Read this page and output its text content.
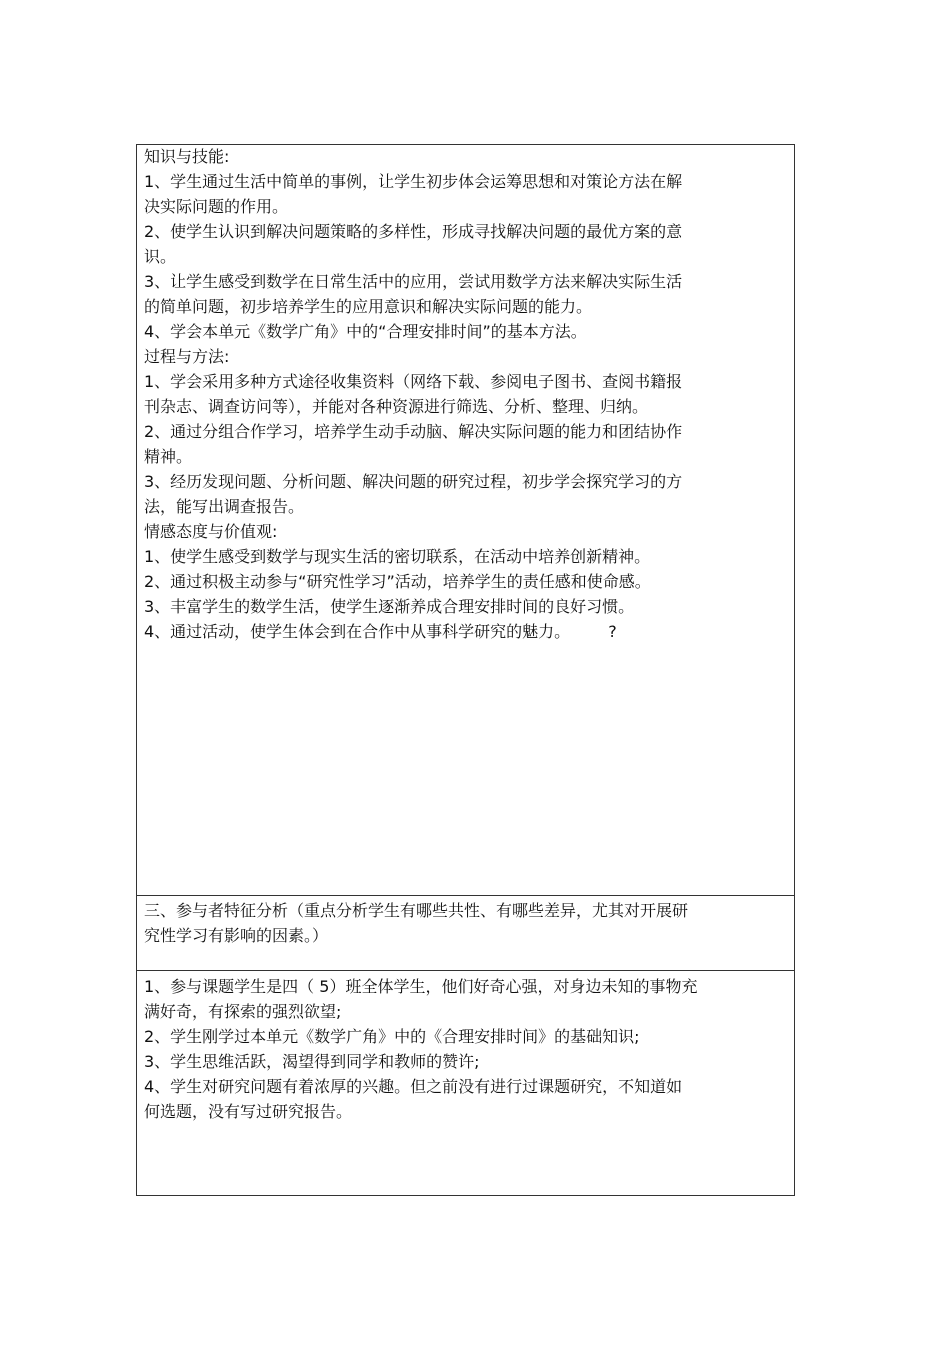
知识与技能:
1、学生通过生活中简单的事例，让学生初步体会运筹思想和对策论方法在解
决实际问题的作用。
2、使学生认识到解决问题策略的多样性，形成寻找解决问题的最优方案的意
识。
3、让学生感受到数学在日常生活中的应用，尝试用数学方法来解决实际生活
的简单问题，初步培养学生的应用意识和解决实际问题的能力。
4、学会本单元《数学广角》中的“合理安排时间”的基本方法。
过程与方法:
1、学会采用多种方式途径收集资料（网络下载、参阅电子图书、查阅书籍报
刊杂志、调查访问等），并能对各种资源进行筛选、分析、整理、归纳。
2、通过分组合作学习，培养学生动手动脑、解决实际问题的能力和团结协作
精神。
3、经历发现问题、分析问题、解决问题的研究过程，初步学会探究学习的方
法，能写出调查报告。
情感态度与价值观:
1、使学生感受到数学与现实生活的密切联系，在活动中培养创新精神。
2、通过积极主动参与“研究性学习”活动，培养学生的责任感和使命感。
3、丰富学生的数学生活，使学生逐渐养成合理安排时间的良好习惯。
4、通过活动，使学生体会到在合作中从事科学研究的魅力。 ?

三、参与者特征分析（重点分析学生有哪些共性、有哪些差异，尤其对开展研
究性学习有影响的因素。）

1、参与课题学生是四（ 5）班全体学生，他们好奇心强，对身边未知的事物充
满好奇，有探索的强烈欲望;
2、学生刚学过本单元《数学广角》中的《合理安排时间》的基础知识;
3、学生思维活跃，渴望得到同学和教师的赞许;
4、学生对研究问题有着浓厚的兴趣。但之前没有进行过课题研究，不知道如
何选题，没有写过研究报告。
